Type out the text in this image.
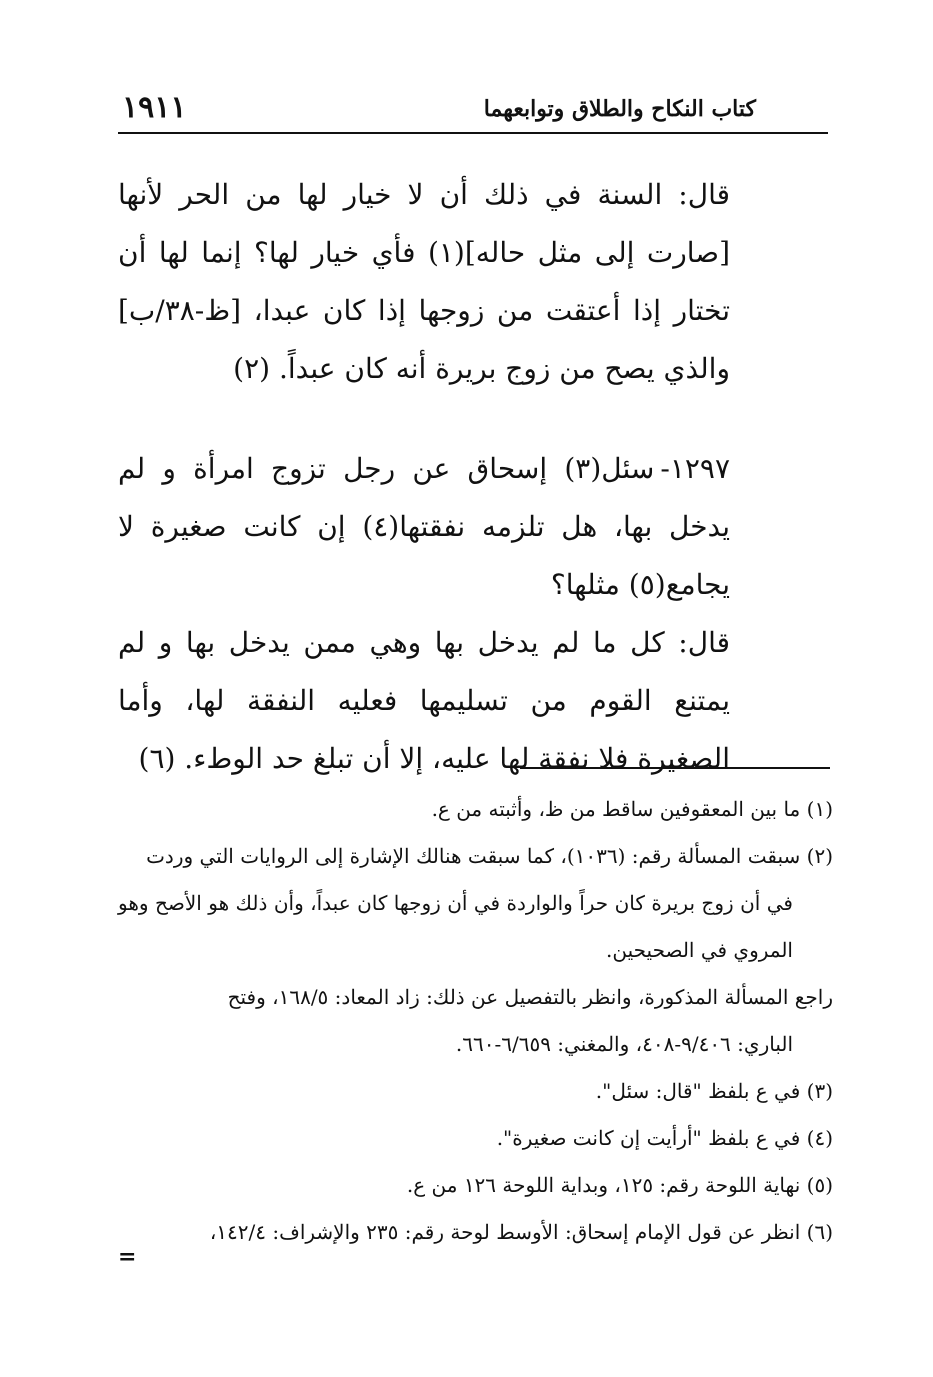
كتاب النكاح والطلاق وتوابعهما
١٩١١

قال: السنة في ذلك أن لا خيار لها من الحر لأنها [صارت إلى مثل حاله](١) فأي خيار لها؟ إنما لها أن تختار إذا أعتقت من زوجها إذا كان عبدا، [ظ-٣٨/ب] والذي يصح من زوج بريرة أنه كان عبداً. (٢)

١٢٩٧-سئل(٣) إسحاق عن رجل تزوج امرأة و لم يدخل بها، هل تلزمه نفقتها(٤) إن كانت صغيرة لا يجامع(٥) مثلها؟

قال: كل ما لم يدخل بها وهي ممن يدخل بها و لم يمتنع القوم من تسليمها فعليه النفقة لها، وأما الصغيرة فلا نفقة لها عليه، إلا أن تبلغ حد الوطء. (٦)

(١) ما بين المعقوفين ساقط من ظ، وأثبته من ع.

(٢) سبقت المسألة رقم: (١٠٣٦)، كما سبقت هنالك الإشارة إلى الروايات التي وردت

في أن زوج بريرة كان حراً والواردة في أن زوجها كان عبداً، وأن ذلك هو الأصح وهو المروي في الصحيحين.

راجع المسألة المذكورة، وانظر بالتفصيل عن ذلك: زاد المعاد: ١٦٨/٥، وفتح

الباري: ٩/٤٠٦-٤٠٨، والمغني: ٦/٦٥٩-٦٦٠.

(٣) في ع بلفظ "قال: سئل".

(٤) في ع بلفظ "أرأيت إن كانت صغيرة".

(٥) نهاية اللوحة رقم: ١٢٥، وبداية اللوحة ١٢٦ من ع.

(٦) انظر عن قول الإمام إسحاق: الأوسط لوحة رقم: ٢٣٥ والإشراف: ١٤٢/٤،

=
